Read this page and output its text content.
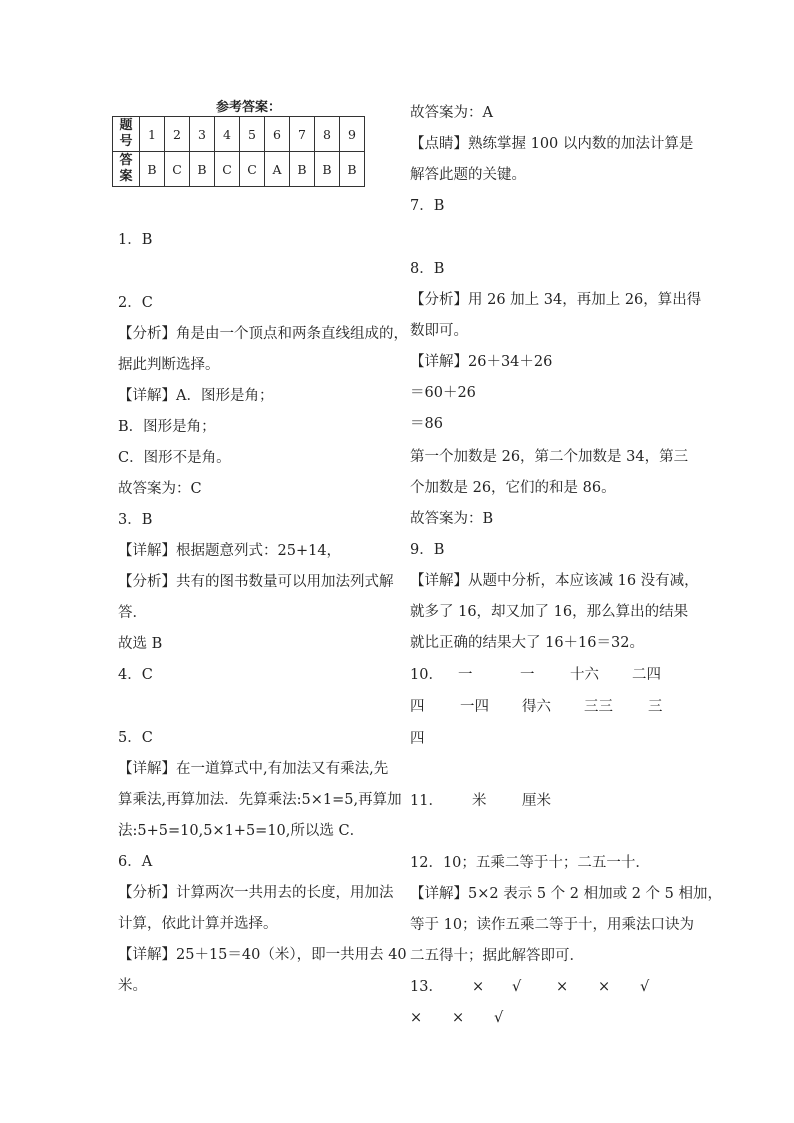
参考答案：
题
号	1	2	3	4	5	6	7	8	9
答
案	B	C	B	C	C	A	B	B	B
1．B
2．C
【分析】角是由一个顶点和两条直线组成的，
据此判断选择。
【详解】A．图形是角；
B．图形是角；
C．图形不是角。
故答案为：C
3．B
【详解】根据题意列式：25+14，
【分析】共有的图书数量可以用加法列式解
答．
故选 B
4．C
5．C
【详解】在一道算式中,有加法又有乘法,先
算乘法,再算加法．先算乘法:5×1=5,再算加
法:5+5=10,5×1+5=10,所以选 C．
6．A
【分析】计算两次一共用去的长度，用加法
计算，依此计算并选择。
【详解】25＋15＝40（米），即一共用去 40
米。
故答案为：A
【点睛】熟练掌握 100 以内数的加法计算是
解答此题的关键。
7．B
8．B
【分析】用 26 加上 34，再加上 26，算出得
数即可。
【详解】26＋34＋26
＝60＋26
＝86
第一个加数是 26，第二个加数是 34，第三
个加数是 26，它们的和是 86。
故答案为：B
9．B
【详解】从题中分析，本应该减 16 没有减，
就多了 16，却又加了 16，那么算出的结果
就比正确的结果大了 16＋16＝32。
10． 一	一 十六 二四
四 一四 得六 三三 三
四
11． 米 厘米
12．10；五乘二等于十；二五一十．
【详解】5×2 表示 5 个 2 相加或 2 个 5 相加，
等于 10；读作五乘二等于十，用乘法口诀为
二五得十；据此解答即可．
13． × √ × × √
× × √
